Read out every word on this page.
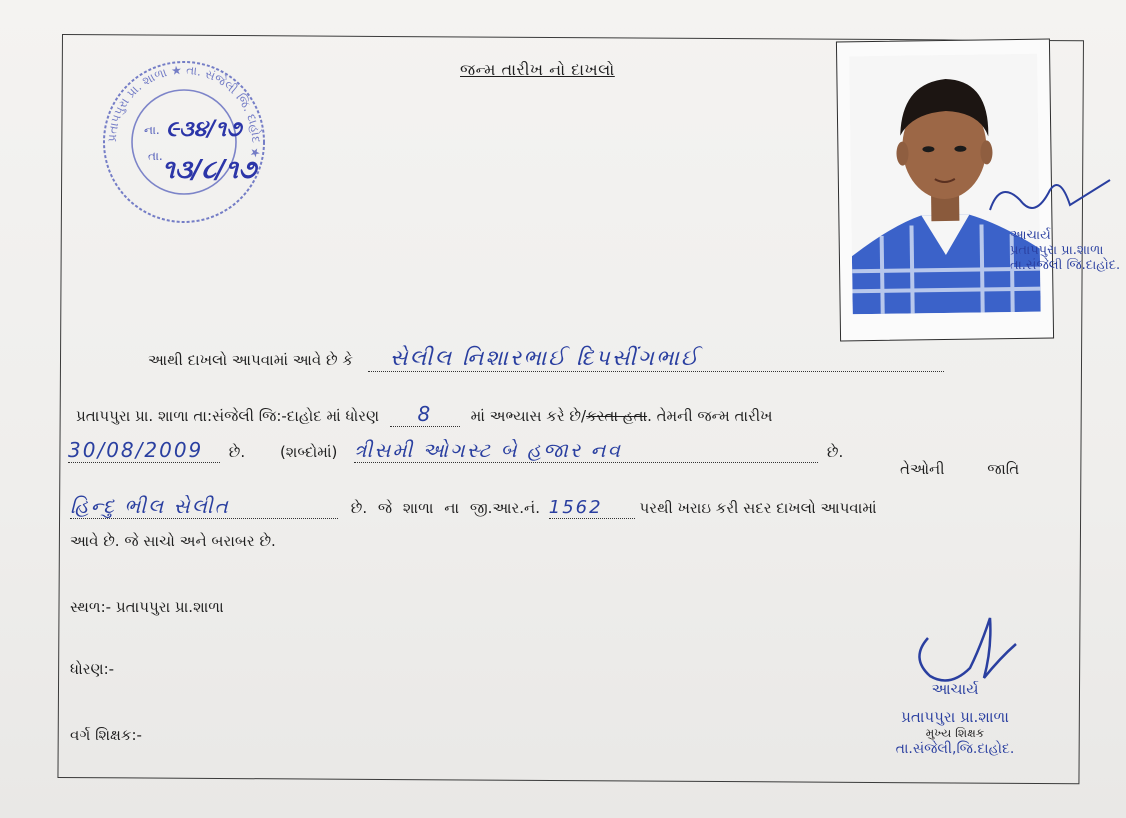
જન્મ તારીખ નો દાખલો
પ્રતાપપુરા પ્રા. શાળા ★ તા. સંજેલી જિ. દાહોદ ★
ના. ૯૩૪/૧૭
તા. ૧૩/૮/૧૭
આચાર્ય
પ્રતાપપુરા પ્રા.શાળા
તા.સંજેલી જિ.દાહોદ.
આથી દાખલો આપવામાં આવે છે કે સેલીલ નિશારભાઈ દિપસીંગભાઈ
પ્રતાપપુરા પ્રા. શાળા તા:સંજેલી જિ:-દાહોદ માં ધોરણ 8	માં અભ્યાસ કરે છે/કરતા હતા. તેમની જન્મ તારીખ
30/08/2009 છે. (શબ્દોમાં) ત્રીસમી ઓગસ્ટ બે હજાર નવ	છે.
તેઓની જાતિ
હિન્દુ ભીલ સેલીત	છે. જે શાળા ના જી.આર.નં. 1562 પરથી ખરાઇ કરી સદર દાખલો આપવામાં
આવે છે. જે સાચો અને બરાબર છે.
સ્થળ:- પ્રતાપપુરા પ્રા.શાળા
ધોરણ:-
વર્ગ શિક્ષક:-
આચાર્ય
પ્રતાપપુરા પ્રા.શાળા
મુખ્ય શિક્ષક
તા.સંજેલી,જિ.દાહોદ.
